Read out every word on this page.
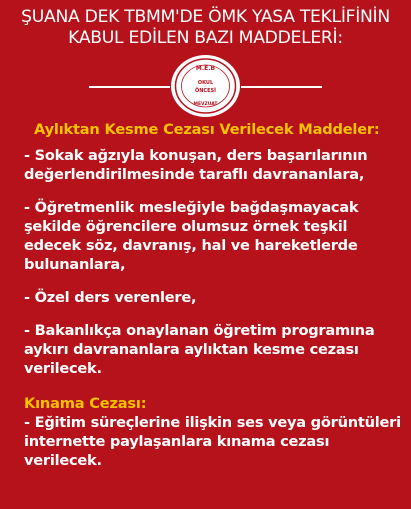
ŞUANA DEK TBMM'DE ÖMK YASA TEKLİFİNİN
KABUL EDİLEN BAZI MADDELERİ:
M.E.B
OKUL
ÖNCESİ
MEVZUAT
Aylıktan Kesme Cezası Verilecek Maddeler:
- Sokak ağzıyla konuşan, ders başarılarının
değerlendirilmesinde taraflı davrananlara,
- Öğretmenlik mesleğiyle bağdaşmayacak
şekilde öğrencilere olumsuz örnek teşkil
edecek söz, davranış, hal ve hareketlerde
bulunanlara,
- Özel ders verenlere,
- Bakanlıkça onaylanan öğretim programına
aykırı davrananlara aylıktan kesme cezası
verilecek.
Kınama Cezası:
- Eğitim süreçlerine ilişkin ses veya görüntüleri
internette paylaşanlara kınama cezası
verilecek.
